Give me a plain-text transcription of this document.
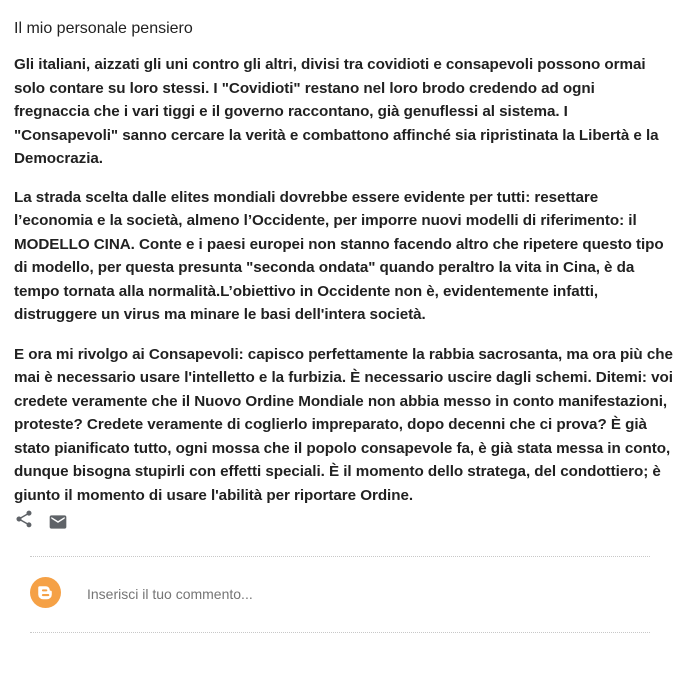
Il mio personale pensiero

Gli italiani, aizzati gli uni contro gli altri, divisi tra covidioti e consapevoli possono ormai solo contare su loro stessi. I "Covidioti" restano nel loro brodo credendo ad ogni fregnaccia che i vari tiggi e il governo raccontano, già genuflessi al sistema. I "Consapevoli" sanno cercare la verità e combattono affinché sia ripristinata la Libertà e la Democrazia.

La strada scelta dalle elites mondiali dovrebbe essere evidente per tutti: resettare l’economia e la società, almeno l’Occidente, per imporre nuovi modelli di riferimento: il MODELLO CINA. Conte e i paesi europei non stanno facendo altro che ripetere questo tipo di modello, per questa presunta "seconda ondata" quando peraltro la vita in Cina, è da tempo tornata alla normalità.L’obiettivo in Occidente non è, evidentemente infatti, distruggere un virus ma minare le basi dell'intera società.

E ora mi rivolgo ai Consapevoli: capisco perfettamente la rabbia sacrosanta, ma ora più che mai è necessario usare l'intelletto e la furbizia. È necessario uscire dagli schemi. Ditemi: voi credete veramente che il Nuovo Ordine Mondiale non abbia messo in conto manifestazioni, proteste? Credete veramente di coglierlo impreparato, dopo decenni che ci prova? È già stato pianificato tutto, ogni mossa che il popolo consapevole fa, è già stata messa in conto, dunque bisogna stupirli con effetti speciali. È il momento dello stratega, del condottiero; è giunto il momento di usare l'abilità per riportare Ordine.

Inserisci il tuo commento...
